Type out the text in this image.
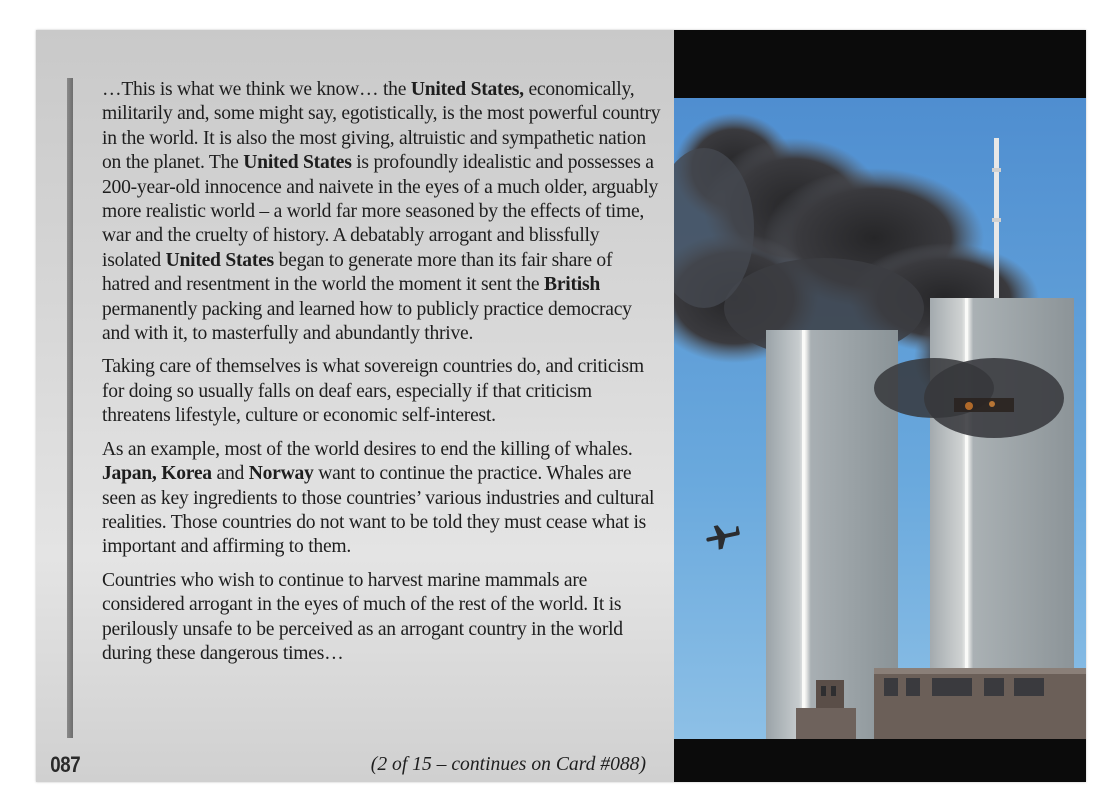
…This is what we think we know… the United States, economically, militarily and, some might say, egotistically, is the most powerful country in the world. It is also the most giving, altruistic and sympathetic nation on the planet. The United States is profoundly idealistic and possesses a 200-year-old innocence and naivete in the eyes of a much older, arguably more realistic world – a world far more seasoned by the effects of time, war and the cruelty of history. A debatably arrogant and blissfully isolated United States began to generate more than its fair share of hatred and resentment in the world the moment it sent the British permanently packing and learned how to publicly practice democracy and with it, to masterfully and abundantly thrive.

Taking care of themselves is what sovereign countries do, and criticism for doing so usually falls on deaf ears, especially if that criticism threatens lifestyle, culture or economic self-interest.

As an example, most of the world desires to end the killing of whales. Japan, Korea and Norway want to continue the practice. Whales are seen as key ingredients to those countries’ various industries and cultural realities. Those countries do not want to be told they must cease what is important and affirming to them.

Countries who wish to continue to harvest marine mammals are considered arrogant in the eyes of much of the rest of the world. It is perilously unsafe to be perceived as an arrogant country in the world during these dangerous times…

087	(2 of 15 – continues on Card #088)
